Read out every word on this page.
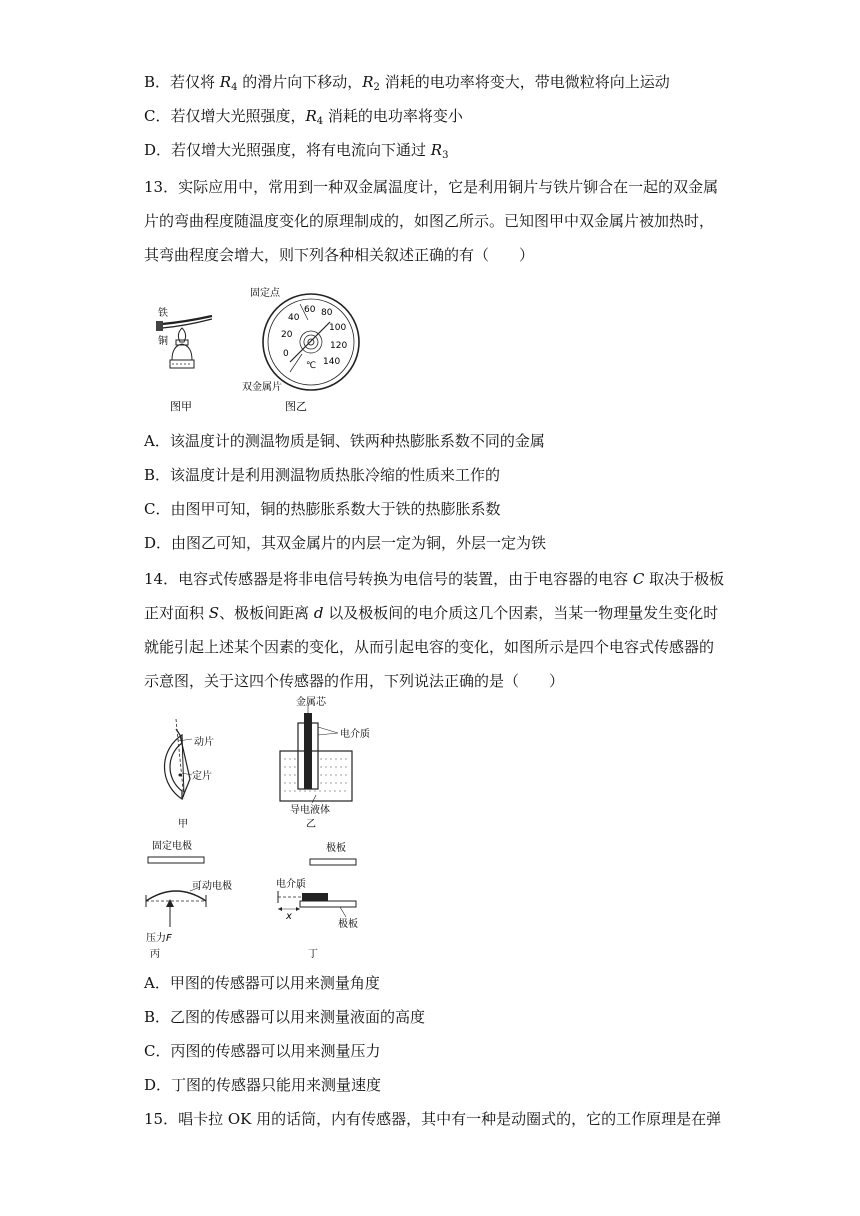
B．若仅将 $R_4$ 的滑片向下移动，$R_2$ 消耗的电功率将变大，带电微粒将向上运动
C．若仅增大光照强度，$R_4$ 消耗的电功率将变小
D．若仅增大光照强度，将有电流向下通过 $R_3$
13．实际应用中，常用到一种双金属温度计，它是利用铜片与铁片铆合在一起的双金属
片的弯曲程度随温度变化的原理制成的，如图乙所示。已知图甲中双金属片被加热时，
其弯曲程度会增大，则下列各种相关叙述正确的有（　　）
铁
铜
图甲
0
20
40
60 80
100
120
140
℃
固定点
双金属片
图乙
A．该温度计的测温物质是铜、铁两种热膨胀系数不同的金属
B．该温度计是利用测温物质热胀冷缩的性质来工作的
C．由图甲可知，铜的热膨胀系数大于铁的热膨胀系数
D．由图乙可知，其双金属片的内层一定为铜，外层一定为铁
14．电容式传感器是将非电信号转换为电信号的装置，由于电容器的电容 C 取决于极板
正对面积 S、极板间距离 d 以及极板间的电介质这几个因素，当某一物理量发生变化时
就能引起上述某个因素的变化，从而引起电容的变化，如图所示是四个电容式传感器的
示意图，关于这四个传感器的作用，下列说法正确的是（　　）
动片
定片
甲
金属芯
电介质
导电液体
乙
固定电极
可动电极
压力F
丙
极板
电介质
x
极板
丁
A．甲图的传感器可以用来测量角度
B．乙图的传感器可以用来测量液面的高度
C．丙图的传感器可以用来测量压力
D．丁图的传感器只能用来测量速度
15．唱卡拉 OK 用的话筒，内有传感器，其中有一种是动圈式的，它的工作原理是在弹
